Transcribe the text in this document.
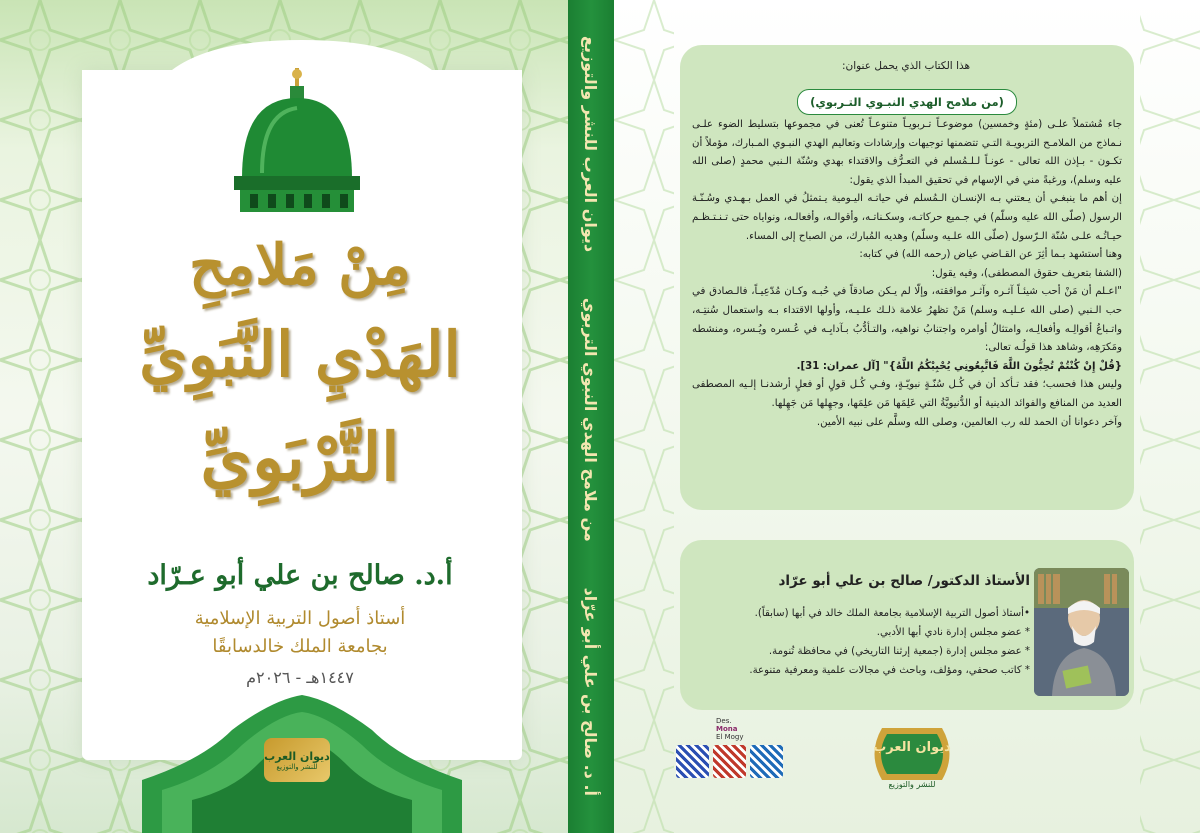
مِنْ مَلامِحِ
الهَدْيِ النَّبَوِيِّ
التَّرْبَوِيِّ
أ.د. صالح بن علي أبو عـرّاد
أستاذ أصول التربية الإسلامية
بجامعة الملك خالدسابقًا
١٤٤٧هـ - ٢٠٢٦م
ديوان العرب
للنشر والتوزيع	أ. د. صالح بن علي أبو عرّاد
من ملامح الهدي النبوي التربوي
ديوان العرب للنشر والتوزيع	هذا الكتاب الذي يحمل عنوان:
(من ملامح الهدي النبـوي التـربوي)

جاء مُشتملاً علـى (مئةٍ وخمسين) موضوعـاً تـربويـاً متنوعـاً تُعنى في مجموعها بتسليط الضوء علـى نـماذج من الملامـح التربويـة التـي تتضمنها توجيهات وإرشادات وتعاليم الهدي النبـوي المـبارك، مؤملاً أن تكـون - بـإذن الله تعالى - عونـاً لـلـمُسلم في التعـرُّف والاقتداء بهدي وسُنّة الـنبي محمدٍ (صلى الله عليه وسلم)، ورغبةً مني في الإسهام في تحقيق المبدأ الذي يقول:

إن أهم ما ينبغـي أن يـعتني بـه الإنسـان الـمُسلم في حياتـه اليـومية يـتمثلُ في العمل بـهـدي وسُـنّـة الرسول (صلّى الله عليه وسلّم) في جـميع حركاتـه، وسكـناتـه، وأقوالـه، وأفعالـه، ونواياه حتى تـنـتـظـم حيـاتُـه علـى سُنّة الـرّسول (صلّى الله علـيه وسلّم) وهديه المُبارك، من الصباح إلى المساء.

وهنا أستشهد بـما أثِرَ عن القـاضي عياض (رحمه الله) في كتابه:

(الشفا بتعريف حقوق المصطفى)، وفيه يقول:

"اعـلم أن مَنْ أحب شيئـاً آثـره وآثـر موافقته، وإلّا لم يـكن صادقاً في حُبـه وكـان مُدّعِيـاً، فالـصادق في حب الـنبي (صلى الله عـليـه وسلم) مَنْ تظهرُ علامة ذلـك علـيـه، وأولها الاقتداء بـه واستعمال سُنتِـه، واتـباعُ أقوالِـه وأفعالِـه، وامتثالُ أوامره واجتنابُ نواهيه، والتـأدُّبُ بـآدابِـه في عُـسره ويُـسره، ومنشطه ومَكرَهِه، وشاهد هذا قولُـه تعالى:

{قُلْ إِنْ كُنْتُمْ تُحِبُّونَ اللَّهَ فَاتَّبِعُونِي يُحْبِبْكُمُ اللَّهُ}" [آل عمران: 31].

وليس هذا فحسب؛ فقد تـأكد أن في كُـل سُنّـةٍ نبويّـةٍ، وفـي كُـل قولٍ أو فعلٍ أرشدنـا إلـيه المصطفى العديد من المنافع والفوائد الدينية أو الدُّنيويَّةُ التي عَلِمَها مَن علِمَها، وجهِلها مَن جَهِلها.

وآخر دعوانا أن الحمد لله رب العالمين، وصلى الله وسلَّم على نبيه الأمين.

الأستاذ الدكتور/ صالح بن علي أبو عرّاد
•أستاذ أصول التربية الإسلامية بجامعة الملك خالد في أبها (سابقاً).
* عضو مجلس إدارة نادي أبها الأدبي.
* عضو مجلس إدارة (جمعية إرثنا التاريخي) في محافظة تُنومة.
* كاتب صحفي، ومؤلف، وباحث في مجالات علمية ومعرفية متنوعة.
Des.
Mona
El Mogy
ديوان العرب
للنشر والتوزيع
